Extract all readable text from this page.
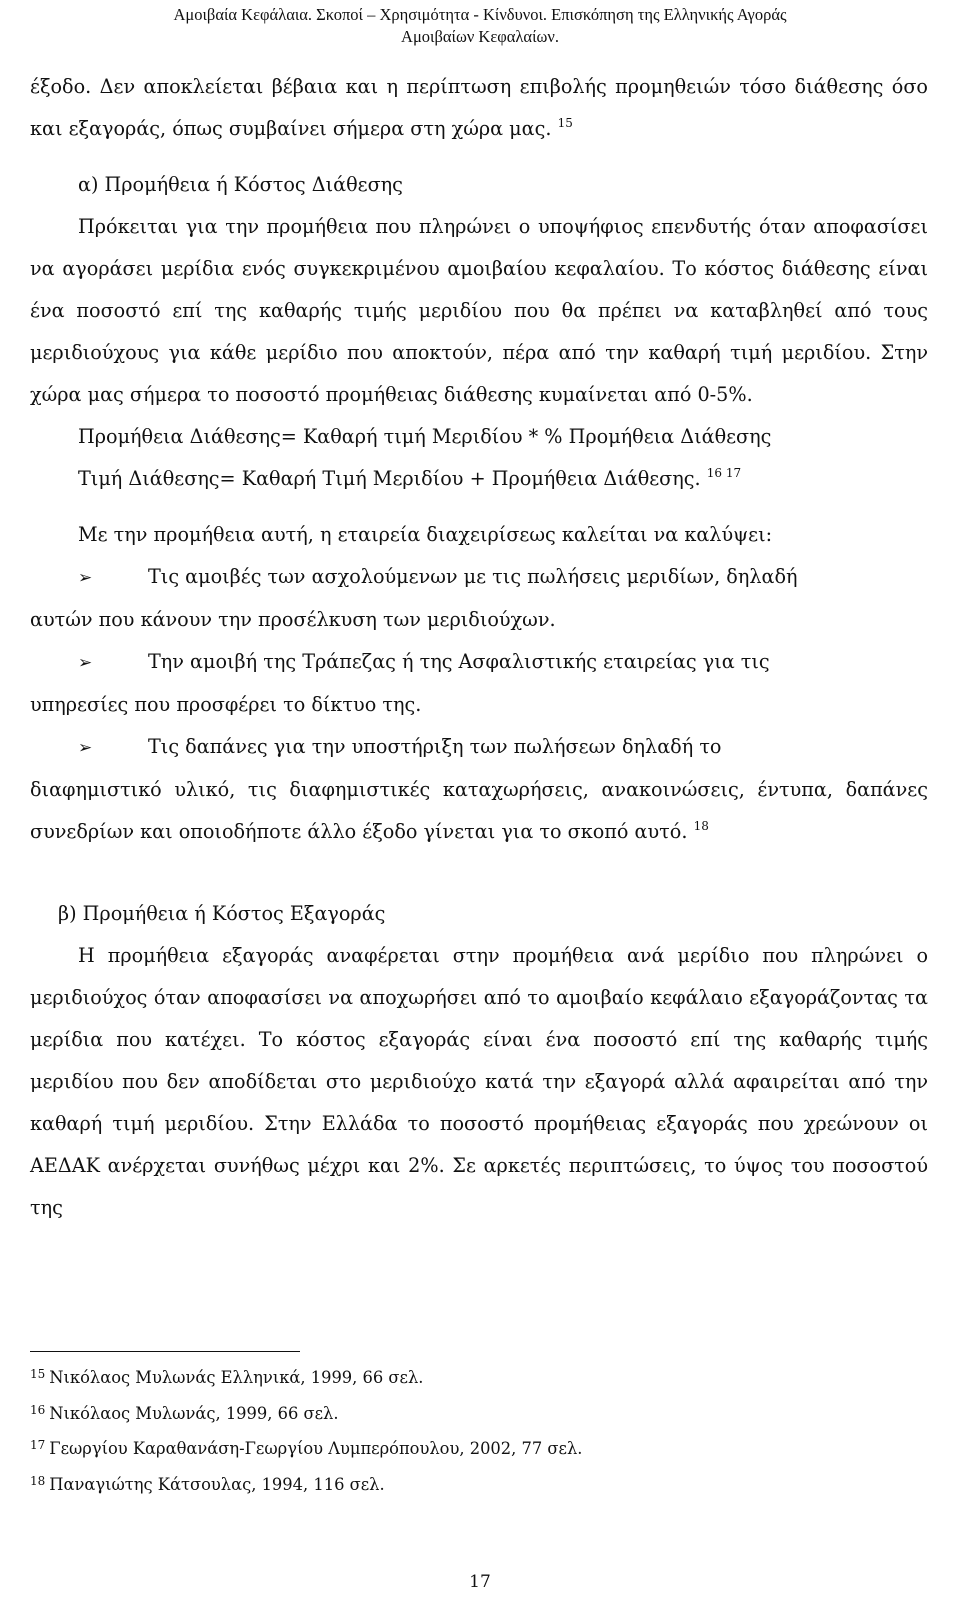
Αμοιβαία Κεφάλαια. Σκοποί – Χρησιμότητα - Κίνδυνοι. Επισκόπηση της Ελληνικής Αγοράς
Αμοιβαίων Κεφαλαίων.

έξοδο. Δεν αποκλείεται βέβαια και η περίπτωση επιβολής προμηθειών τόσο διάθεσης όσο και εξαγοράς, όπως συμβαίνει σήμερα στη χώρα μας. $^{15}$

α) Προμήθεια ή Κόστος Διάθεσης

Πρόκειται για την προμήθεια που πληρώνει ο υποψήφιος επενδυτής όταν αποφασίσει να αγοράσει μερίδια ενός συγκεκριμένου αμοιβαίου κεφαλαίου. Το κόστος διάθεσης είναι ένα ποσοστό επί της καθαρής τιμής μεριδίου που θα πρέπει να καταβληθεί από τους μεριδιούχους για κάθε μερίδιο που αποκτούν, πέρα από την καθαρή τιμή μεριδίου. Στην χώρα μας σήμερα το ποσοστό προμήθειας διάθεσης κυμαίνεται από 0-5%.

Προμήθεια Διάθεσης= Καθαρή τιμή Μεριδίου * % Προμήθεια Διάθεσης

Τιμή Διάθεσης= Καθαρή Τιμή Μεριδίου + Προμήθεια Διάθεσης. $^{16 17}$

Με την προμήθεια αυτή, η εταιρεία διαχειρίσεως καλείται να καλύψει:

➢	Τις αμοιβές των ασχολούμενων με τις πωλήσεις μεριδίων, δηλαδή

αυτών που κάνουν την προσέλκυση των μεριδιούχων.

➢	Την αμοιβή της Τράπεζας ή της Ασφαλιστικής εταιρείας για τις

υπηρεσίες που προσφέρει το δίκτυο της.

➢	Τις δαπάνες για την υποστήριξη των πωλήσεων δηλαδή το

διαφημιστικό υλικό, τις διαφημιστικές καταχωρήσεις, ανακοινώσεις, έντυπα, δαπάνες συνεδρίων και οποιοδήποτε άλλο έξοδο γίνεται για το σκοπό αυτό. $^{18}$

β) Προμήθεια ή Κόστος Εξαγοράς

Η προμήθεια εξαγοράς αναφέρεται στην προμήθεια ανά μερίδιο που πληρώνει ο μεριδιούχος όταν αποφασίσει να αποχωρήσει από το αμοιβαίο κεφάλαιο εξαγοράζοντας τα μερίδια που κατέχει. Το κόστος εξαγοράς είναι ένα ποσοστό επί της καθαρής τιμής μεριδίου που δεν αποδίδεται στο μεριδιούχο κατά την εξαγορά αλλά αφαιρείται από την καθαρή τιμή μεριδίου. Στην Ελλάδα το ποσοστό προμήθειας εξαγοράς που χρεώνουν οι ΑΕΔΑΚ ανέρχεται συνήθως μέχρι και 2%. Σε αρκετές περιπτώσεις, το ύψος του ποσοστού της

$^{15}$ Νικόλαος Μυλωνάς Ελληνικά, 1999, 66 σελ.

$^{16}$ Νικόλαος Μυλωνάς, 1999, 66 σελ.

$^{17}$ Γεωργίου Καραθανάση-Γεωργίου Λυμπερόπουλου, 2002, 77 σελ.

$^{18}$ Παναγιώτης Κάτσουλας, 1994, 116 σελ.

17
